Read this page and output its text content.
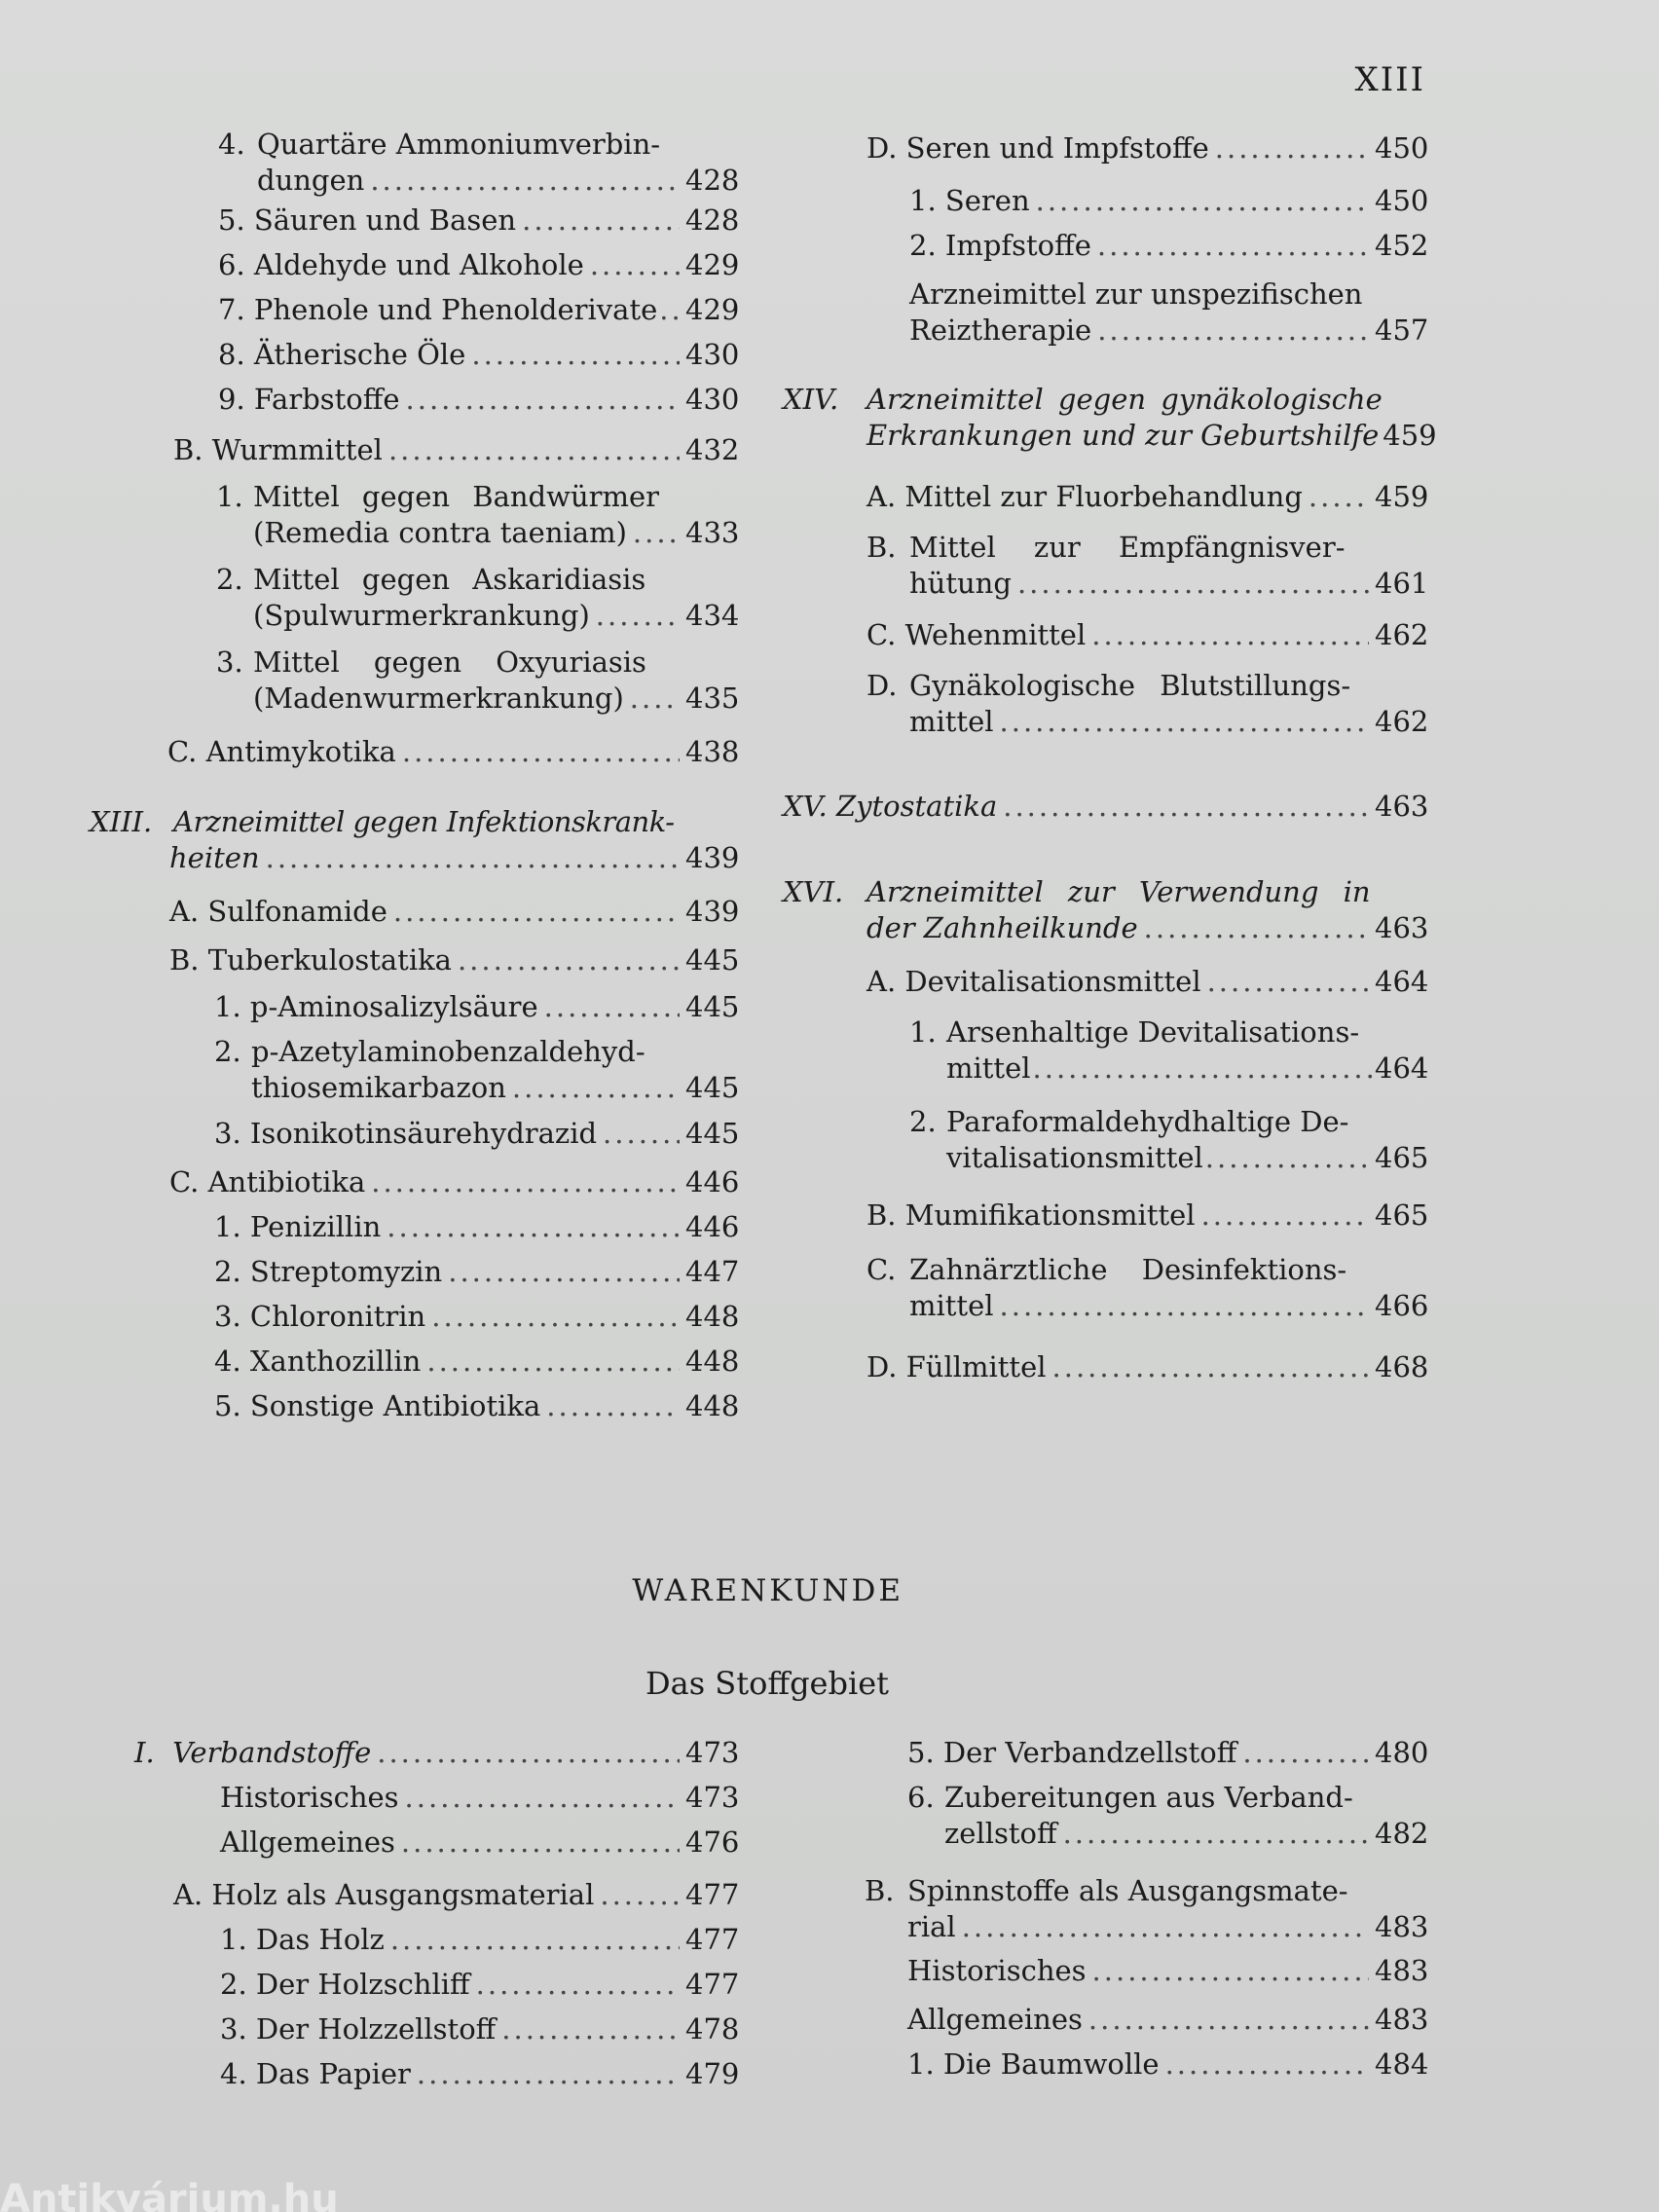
XIII
4. Quartäre Ammoniumverbin-
dungen .....	428
5.
Säuren und Basen .....	428
6.
Aldehyde und Alkohole .....	429
7.
Phenole und Phenolderivate ..... 429
8.
Ätherische Öle .....	430
9.
Farbstoffe .....	430
B.
Wurmmittel .....	432
1. Mittel gegen Bandwürmer
(Remedia contra taeniam) ..... 433
2. Mittel gegen Askaridiasis
(Spulwurmerkrankung) .....	434
3. Mittel gegen Oxyuriasis
(Madenwurmerkrankung) ..... 435
C.
Antimykotika .....	438
XIII. Arzneimittel gegen Infektionskrank-
heiten .....	439
A.
Sulfonamide .....	439
B.
Tuberkulostatika .....	445
1.
p-Aminosalizylsäure .....	445
2. p-Azetylaminobenzaldehyd-
thiosemikarbazon .....	445
3.
Isonikotinsäurehydrazid .....	445
C.
Antibiotika .....	446
1.
Penizillin .....	446
2.
Streptomyzin .....	447
3.
Chloronitrin .....	448
4.
Xanthozillin .....	448
5.
Sonstige Antibiotika .....	448
D.
Seren und Impfstoffe .....	450
1.
Seren .....	450
2.
Impfstoffe .....	452
Arzneimittel zur unspezifischen
Reiztherapie .....	457
XIV. Arzneimittel gegen gynäkologische
Erkrankungen und zur Geburtshilfe 459
A.
Mittel zur Fluorbehandlung .....	459
B. Mittel zur Empfängnisver-
hütung .....	461
C.
Wehenmittel .....	462
D. Gynäkologische Blutstillungs-
mittel .....	462
XV.
Zytostatika .....	463
XVI. Arzneimittel zur Verwendung in
der Zahnheilkunde .....	463
A.
Devitalisationsmittel .....	464
1. Arsenhaltige Devitalisations-
mittel .....	464
2. Paraformaldehydhaltige De-
vitalisationsmittel .....	465
B.
Mumifikationsmittel .....	465
C. Zahnärztliche Desinfektions-
mittel .....	466
D.
Füllmittel .....	468
WARENKUNDE
Das Stoffgebiet
I.
Verbandstoffe .....	473
Historisches .....	473
Allgemeines .....	476
A.
Holz als Ausgangsmaterial .....	477
1.
Das Holz .....	477
2.
Der Holzschliff .....	477
3.
Der Holzzellstoff .....	478
4.
Das Papier .....	479
5.
Der Verbandzellstoff .....	480
6. Zubereitungen aus Verband-
zellstoff .....	482
B. Spinnstoffe als Ausgangsmate-
rial .....	483
Historisches .....	483
Allgemeines .....	483
1.
Die Baumwolle .....	484
Antikvárium.hu
